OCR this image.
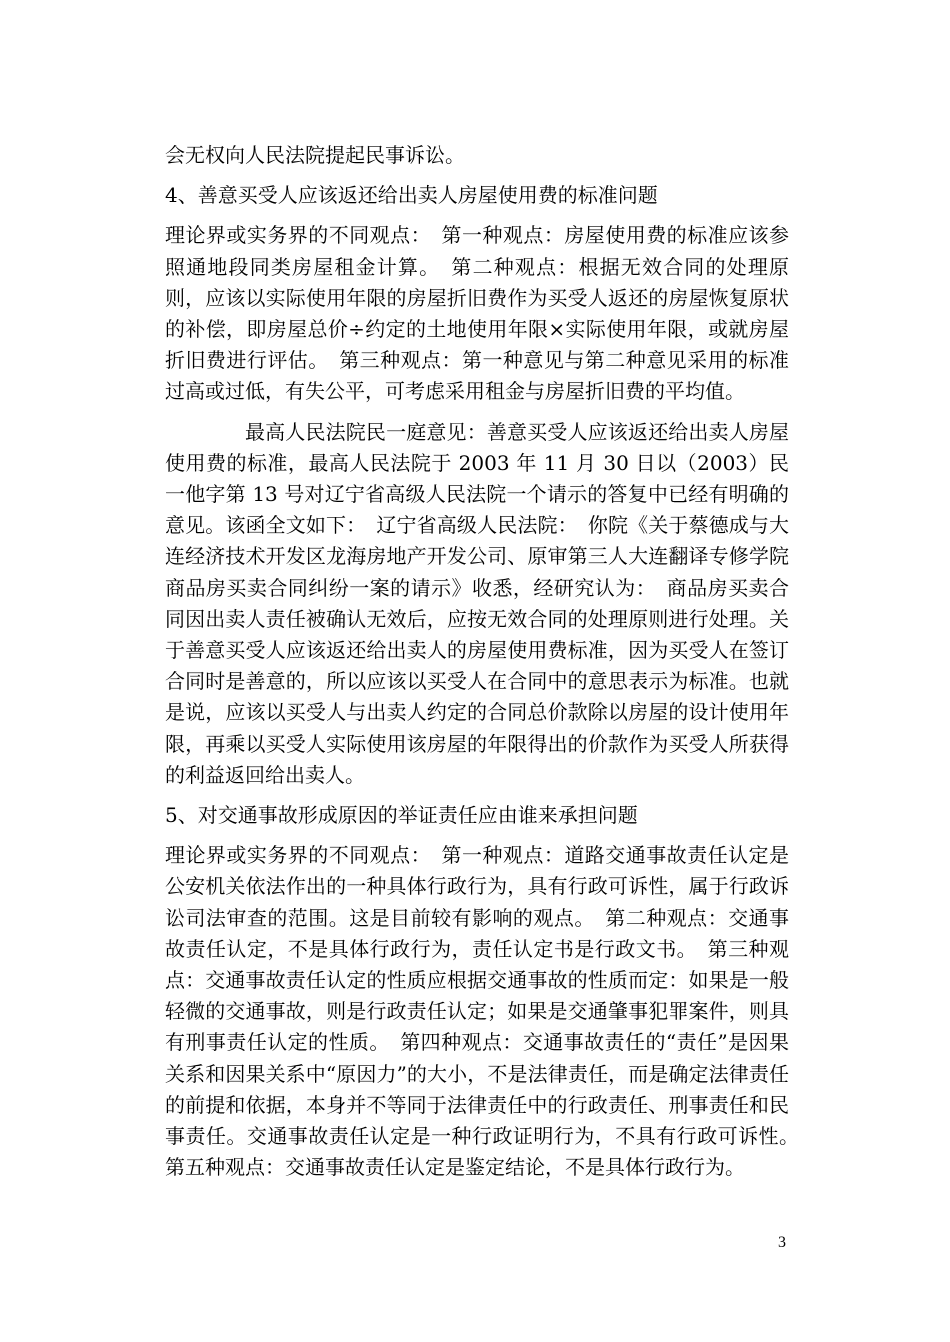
会无权向人民法院提起民事诉讼。

4、善意买受人应该返还给出卖人房屋使用费的标准问题

理论界或实务界的不同观点：　第一种观点：房屋使用费的标准应该参照通地段同类房屋租金计算。　第二种观点：根据无效合同的处理原则，应该以实际使用年限的房屋折旧费作为买受人返还的房屋恢复原状的补偿，即房屋总价÷约定的土地使用年限×实际使用年限，或就房屋折旧费进行评估。　第三种观点：第一种意见与第二种意见采用的标准过高或过低，有失公平，可考虑采用租金与房屋折旧费的平均值。

最高人民法院民一庭意见：善意买受人应该返还给出卖人房屋使用费的标准，最高人民法院于 2003 年 11 月 30 日以（2003）民一他字第 13 号对辽宁省高级人民法院一个请示的答复中已经有明确的意见。该函全文如下：　辽宁省高级人民法院：　你院《关于蔡德成与大连经济技术开发区龙海房地产开发公司、原审第三人大连翻译专修学院商品房买卖合同纠纷一案的请示》收悉，经研究认为：　商品房买卖合同因出卖人责任被确认无效后，应按无效合同的处理原则进行处理。关于善意买受人应该返还给出卖人的房屋使用费标准，因为买受人在签订合同时是善意的，所以应该以买受人在合同中的意思表示为标准。也就是说，应该以买受人与出卖人约定的合同总价款除以房屋的设计使用年限，再乘以买受人实际使用该房屋的年限得出的价款作为买受人所获得的利益返回给出卖人。

5、对交通事故形成原因的举证责任应由谁来承担问题

理论界或实务界的不同观点：　第一种观点：道路交通事故责任认定是公安机关依法作出的一种具体行政行为，具有行政可诉性，属于行政诉讼司法审查的范围。这是目前较有影响的观点。　第二种观点：交通事故责任认定，不是具体行政行为，责任认定书是行政文书。　第三种观点：交通事故责任认定的性质应根据交通事故的性质而定：如果是一般轻微的交通事故，则是行政责任认定；如果是交通肇事犯罪案件，则具有刑事责任认定的性质。　第四种观点：交通事故责任的“责任”是因果关系和因果关系中“原因力”的大小，不是法律责任，而是确定法律责任的前提和依据，本身并不等同于法律责任中的行政责任、刑事责任和民事责任。交通事故责任认定是一种行政证明行为，不具有行政可诉性。　第五种观点：交通事故责任认定是鉴定结论，不是具体行政行为。

3
